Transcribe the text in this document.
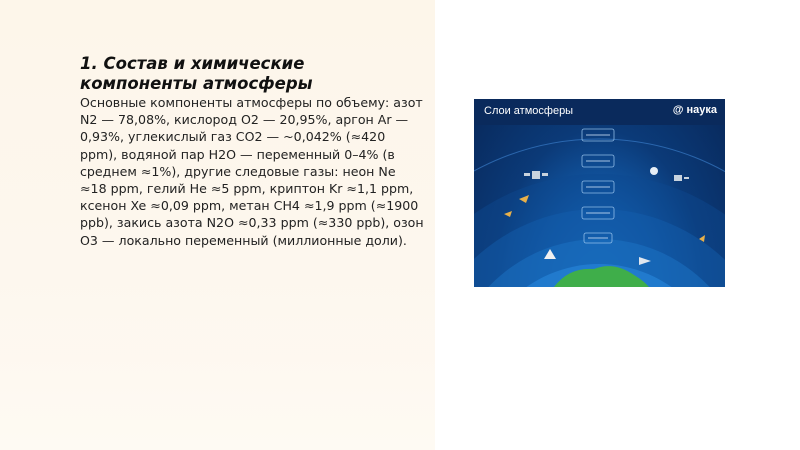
1. Состав и химические компоненты атмосферы

Основные компоненты атмосферы по объему: азот N2 — 78,08%, кислород O2 — 20,95%, аргон Ar — 0,93%, углекислый газ CO2 — ~0,042% (≈420 ppm), водяной пар H2O — переменный 0–4% (в среднем ≈1%), другие следовые газы: неон Ne ≈18 ppm, гелий He ≈5 ppm, криптон Kr ≈1,1 ppm, ксенон Xe ≈0,09 ppm, метан CH4 ≈1,9 ppm (≈1900 ppb), закись азота N2O ≈0,33 ppm (≈330 ppb), озон O3 — локально переменный (миллионные доли).

Слои атмосферы	@ наука
